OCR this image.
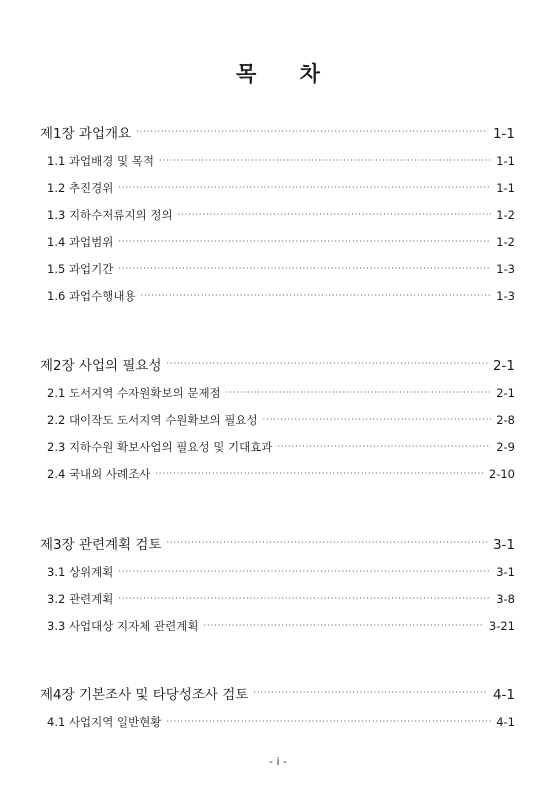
목 차
제1장 과업개요 ·····	1-1
1.1 과업배경 및 목적 ·····	1-1
1.2 추진경위 ·····	1-1
1.3 지하수저류지의 정의 ·····	1-2
1.4 과업범위 ·····	1-2
1.5 과업기간 ·····	1-3
1.6 과업수행내용 ·····	1-3
제2장 사업의 필요성 ·····	2-1
2.1 도서지역 수자원확보의 문제점 ·····	2-1
2.2 대이작도 도서지역 수원확보의 필요성 ·····	2-8
2.3 지하수원 확보사업의 필요성 및 기대효과 ·····	2-9
2.4 국내외 사례조사 ·····	2-10
제3장 관련계획 검토 ·····	3-1
3.1 상위계획 ·····	3-1
3.2 관련계획 ·····	3-8
3.3 사업대상 지자체 관련계획 ·····	3-21
제4장 기본조사 및 타당성조사 검토 ·····	4-1
4.1 사업지역 일반현황 ·····	4-1
- i -
